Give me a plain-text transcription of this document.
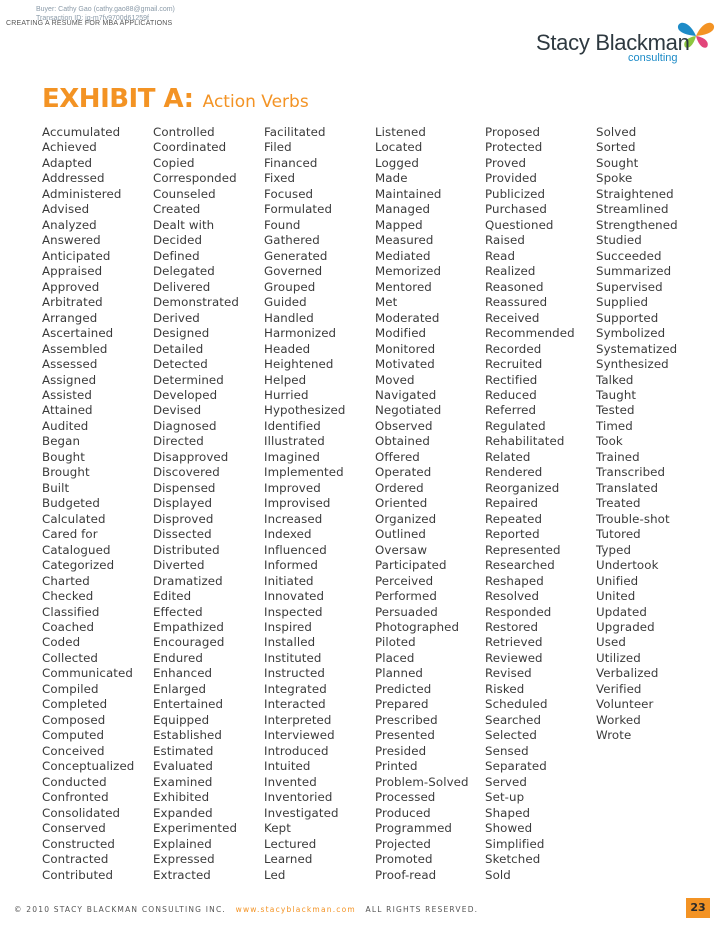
Buyer: Cathy Gao (cathy.gao88@gmail.com)
Transaction ID: jg-m7fv9700d61259f
CREATING A RESUME FOR MBA APPLICATIONS
Stacy Blackman
consulting
EXHIBIT A: Action Verbs
Accumulated
Achieved
Adapted
Addressed
Administered
Advised
Analyzed
Answered
Anticipated
Appraised
Approved
Arbitrated
Arranged
Ascertained
Assembled
Assessed
Assigned
Assisted
Attained
Audited
Began
Bought
Brought
Built
Budgeted
Calculated
Cared for
Catalogued
Categorized
Charted
Checked
Classified
Coached
Coded
Collected
Communicated
Compiled
Completed
Composed
Computed
Conceived
Conceptualized
Conducted
Confronted
Consolidated
Conserved
Constructed
Contracted
Contributed
Controlled
Coordinated
Copied
Corresponded
Counseled
Created
Dealt with
Decided
Defined
Delegated
Delivered
Demonstrated
Derived
Designed
Detailed
Detected
Determined
Developed
Devised
Diagnosed
Directed
Disapproved
Discovered
Dispensed
Displayed
Disproved
Dissected
Distributed
Diverted
Dramatized
Edited
Effected
Empathized
Encouraged
Endured
Enhanced
Enlarged
Entertained
Equipped
Established
Estimated
Evaluated
Examined
Exhibited
Expanded
Experimented
Explained
Expressed
Extracted
Facilitated
Filed
Financed
Fixed
Focused
Formulated
Found
Gathered
Generated
Governed
Grouped
Guided
Handled
Harmonized
Headed
Heightened
Helped
Hurried
Hypothesized
Identified
Illustrated
Imagined
Implemented
Improved
Improvised
Increased
Indexed
Influenced
Informed
Initiated
Innovated
Inspected
Inspired
Installed
Instituted
Instructed
Integrated
Interacted
Interpreted
Interviewed
Introduced
Intuited
Invented
Inventoried
Investigated
Kept
Lectured
Learned
Led
Listened
Located
Logged
Made
Maintained
Managed
Mapped
Measured
Mediated
Memorized
Mentored
Met
Moderated
Modified
Monitored
Motivated
Moved
Navigated
Negotiated
Observed
Obtained
Offered
Operated
Ordered
Oriented
Organized
Outlined
Oversaw
Participated
Perceived
Performed
Persuaded
Photographed
Piloted
Placed
Planned
Predicted
Prepared
Prescribed
Presented
Presided
Printed
Problem-Solved
Processed
Produced
Programmed
Projected
Promoted
Proof-read
Proposed
Protected
Proved
Provided
Publicized
Purchased
Questioned
Raised
Read
Realized
Reasoned
Reassured
Received
Recommended
Recorded
Recruited
Rectified
Reduced
Referred
Regulated
Rehabilitated
Related
Rendered
Reorganized
Repaired
Repeated
Reported
Represented
Researched
Reshaped
Resolved
Responded
Restored
Retrieved
Reviewed
Revised
Risked
Scheduled
Searched
Selected
Sensed
Separated
Served
Set-up
Shaped
Showed
Simplified
Sketched
Sold
Solved
Sorted
Sought
Spoke
Straightened
Streamlined
Strengthened
Studied
Succeeded
Summarized
Supervised
Supplied
Supported
Symbolized
Systematized
Synthesized
Talked
Taught
Tested
Timed
Took
Trained
Transcribed
Translated
Treated
Trouble-shot
Tutored
Typed
Undertook
Unified
United
Updated
Upgraded
Used
Utilized
Verbalized
Verified
Volunteer
Worked
Wrote
© 2010 STACY BLACKMAN CONSULTING INC. www.stacyblackman.com ALL RIGHTS RESERVED.	23
